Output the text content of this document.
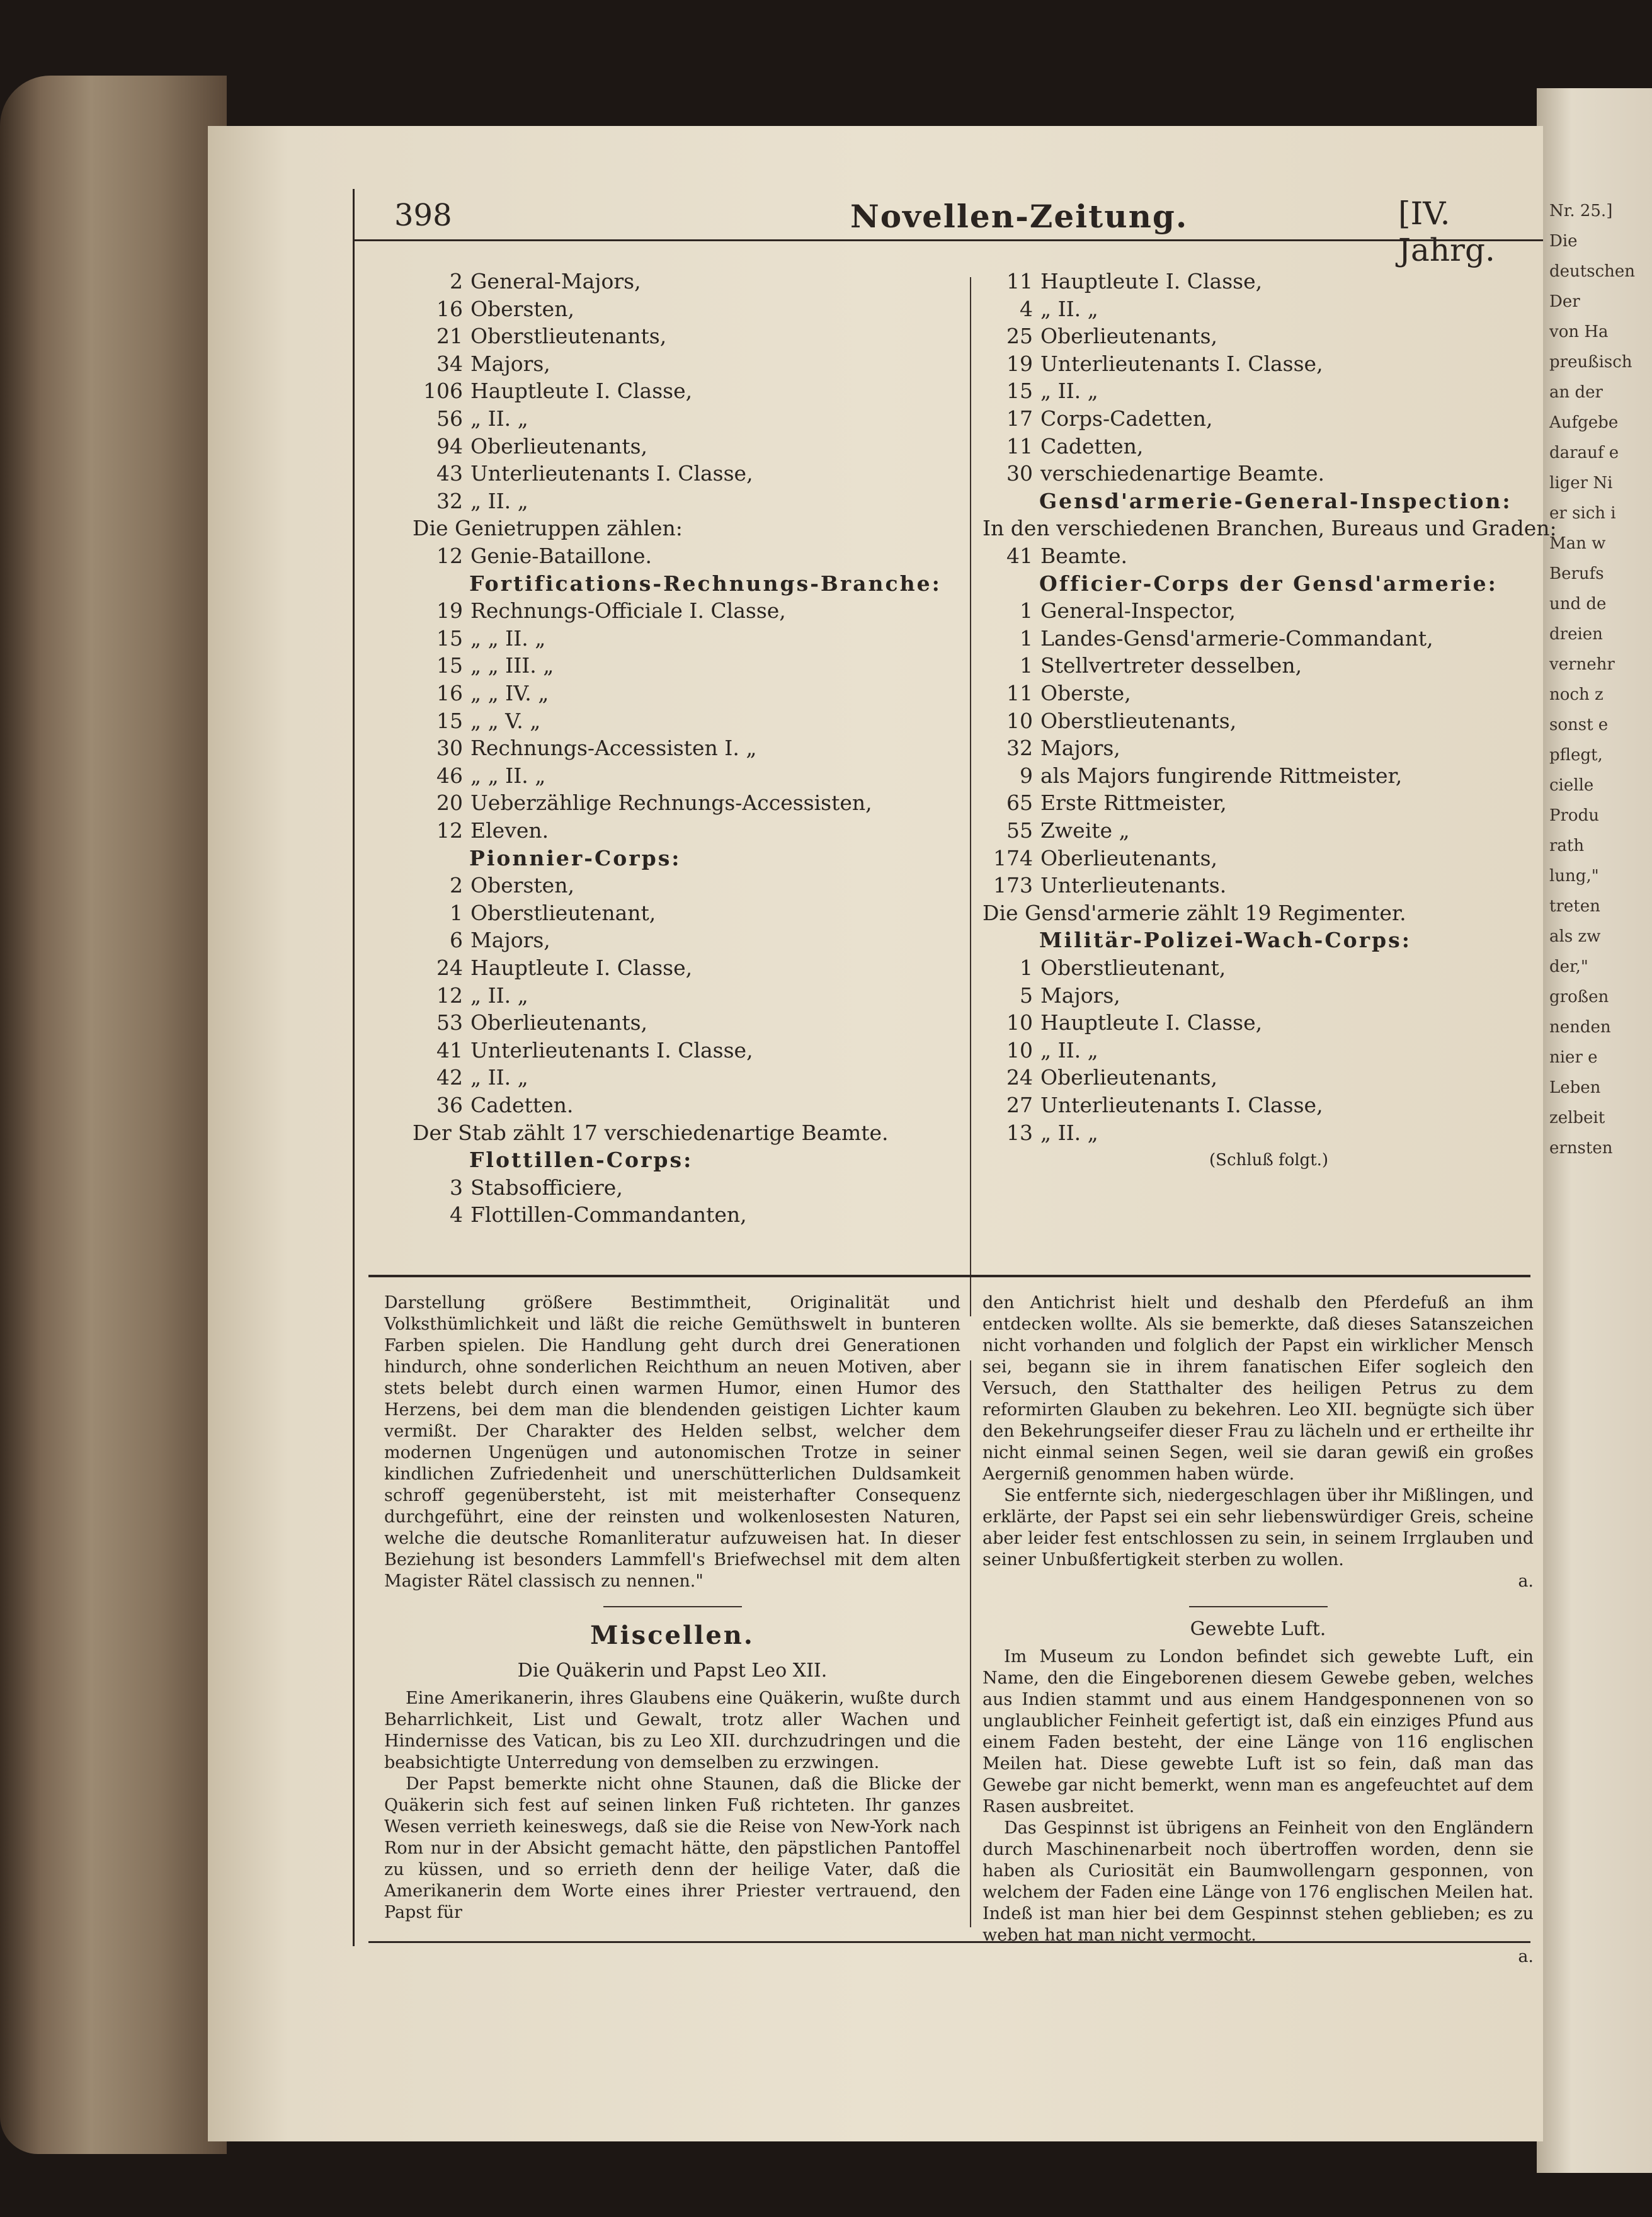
Nr. 25.]
Die
deutschen
Der
von Ha
preußisch
an der
Aufgebe
darauf e
liger Ni
er sich i
Man w
Berufs
und de
dreien
vernehr
noch z
sonst e
pflegt,
cielle
Produ
rath
lung,"
treten
als zw
der,"
großen
nenden
nier e
Leben
zelbeit
ernsten
398	Novellen-Zeitung.	[IV. Jahrg.
2 General-Majors,
16 Obersten,
21 Oberstlieutenants,
34 Majors,
106 Hauptleute I. Classe,
56 „ II. „
94 Oberlieutenants,
43 Unterlieutenants I. Classe,
32 „ II. „
Die Genietruppen zählen:
12 Genie-Bataillone.
Fortifications-Rechnungs-Branche:
19 Rechnungs-Officiale I. Classe,
15 „ „ II. „
15 „ „ III. „
16 „ „ IV. „
15 „ „ V. „
30 Rechnungs-Accessisten I. „
46 „ „ II. „
20 Ueberzählige Rechnungs-Accessisten,
12 Eleven.
Pionnier-Corps:
2 Obersten,
1 Oberstlieutenant,
6 Majors,
24 Hauptleute I. Classe,
12 „ II. „
53 Oberlieutenants,
41 Unterlieutenants I. Classe,
42 „ II. „
36 Cadetten.
Der Stab zählt 17 verschiedenartige Beamte.
Flottillen-Corps:
3 Stabsofficiere,
4 Flottillen-Commandanten,
11 Hauptleute I. Classe,
4 „ II. „
25 Oberlieutenants,
19 Unterlieutenants I. Classe,
15 „ II. „
17 Corps-Cadetten,
11 Cadetten,
30 verschiedenartige Beamte.
Gensd'armerie-General-Inspection:
In den verschiedenen Branchen, Bureaus und Graden:
41 Beamte.
Officier-Corps der Gensd'armerie:
1 General-Inspector,
1 Landes-Gensd'armerie-Commandant,
1 Stellvertreter desselben,
11 Oberste,
10 Oberstlieutenants,
32 Majors,
9 als Majors fungirende Rittmeister,
65 Erste Rittmeister,
55 Zweite „
174 Oberlieutenants,
173 Unterlieutenants.
Die Gensd'armerie zählt 19 Regimenter.
Militär-Polizei-Wach-Corps:
1 Oberstlieutenant,
5 Majors,
10 Hauptleute I. Classe,
10 „ II. „
24 Oberlieutenants,
27 Unterlieutenants I. Classe,
13 „ II. „
(Schluß folgt.)

Darstellung größere Bestimmtheit, Originalität und Volksthümlichkeit und läßt die reiche Gemüthswelt in bunteren Farben spielen. Die Handlung geht durch drei Generationen hindurch, ohne sonderlichen Reichthum an neuen Motiven, aber stets belebt durch einen warmen Humor, einen Humor des Herzens, bei dem man die blendenden geistigen Lichter kaum vermißt. Der Charakter des Helden selbst, welcher dem modernen Ungenügen und autonomischen Trotze in seiner kindlichen Zufriedenheit und unerschütterlichen Duldsamkeit schroff gegenübersteht, ist mit meisterhafter Consequenz durchgeführt, eine der reinsten und wolkenlosesten Naturen, welche die deutsche Romanliteratur aufzuweisen hat. In dieser Beziehung ist besonders Lammfell's Briefwechsel mit dem alten Magister Rätel classisch zu nennen."

Miscellen.

Die Quäkerin und Papst Leo XII.

Eine Amerikanerin, ihres Glaubens eine Quäkerin, wußte durch Beharrlichkeit, List und Gewalt, trotz aller Wachen und Hindernisse des Vatican, bis zu Leo XII. durchzudringen und die beabsichtigte Unterredung von demselben zu erzwingen.

Der Papst bemerkte nicht ohne Staunen, daß die Blicke der Quäkerin sich fest auf seinen linken Fuß richteten. Ihr ganzes Wesen verrieth keineswegs, daß sie die Reise von New-York nach Rom nur in der Absicht gemacht hätte, den päpstlichen Pantoffel zu küssen, und so errieth denn der heilige Vater, daß die Amerikanerin dem Worte eines ihrer Priester vertrauend, den Papst für

den Antichrist hielt und deshalb den Pferdefuß an ihm entdecken wollte. Als sie bemerkte, daß dieses Satanszeichen nicht vorhanden und folglich der Papst ein wirklicher Mensch sei, begann sie in ihrem fanatischen Eifer sogleich den Versuch, den Statthalter des heiligen Petrus zu dem reformirten Glauben zu bekehren. Leo XII. begnügte sich über den Bekehrungseifer dieser Frau zu lächeln und er ertheilte ihr nicht einmal seinen Segen, weil sie daran gewiß ein großes Aergerniß genommen haben würde.

Sie entfernte sich, niedergeschlagen über ihr Mißlingen, und erklärte, der Papst sei ein sehr liebenswürdiger Greis, scheine aber leider fest entschlossen zu sein, in seinem Irrglauben und seiner Unbußfertigkeit sterben zu wollen.

a.

Gewebte Luft.

Im Museum zu London befindet sich gewebte Luft, ein Name, den die Eingeborenen diesem Gewebe geben, welches aus Indien stammt und aus einem Handgesponnenen von so unglaublicher Feinheit gefertigt ist, daß ein einziges Pfund aus einem Faden besteht, der eine Länge von 116 englischen Meilen hat. Diese gewebte Luft ist so fein, daß man das Gewebe gar nicht bemerkt, wenn man es angefeuchtet auf dem Rasen ausbreitet.

Das Gespinnst ist übrigens an Feinheit von den Engländern durch Maschinenarbeit noch übertroffen worden, denn sie haben als Curiosität ein Baumwollengarn gesponnen, von welchem der Faden eine Länge von 176 englischen Meilen hat. Indeß ist man hier bei dem Gespinnst stehen geblieben; es zu weben hat man nicht vermocht.

a.
